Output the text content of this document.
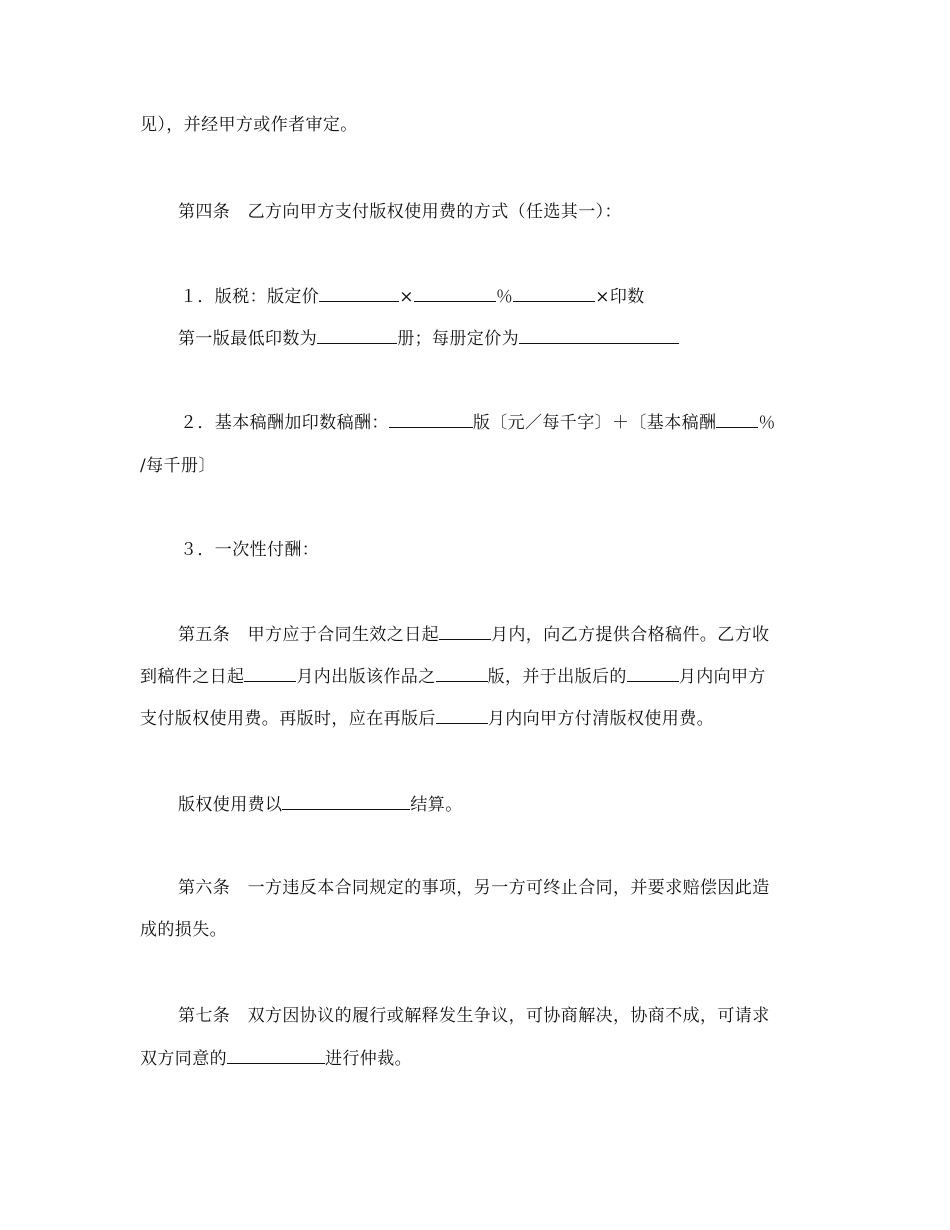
见），并经甲方或作者审定。
第四条　乙方向甲方支付版权使用费的方式（任选其一）：
１．版税：版定价	×	％	×印数
第一版最低印数为	册；每册定价为
２．基本稿酬加印数稿酬：	版〔元／每千字〕＋〔基本稿酬 ％
/每千册〕
３．一次性付酬：
第五条　甲方应于合同生效之日起	月内，向乙方提供合格稿件。乙方收
到稿件之日起	月内出版该作品之	版，并于出版后的	月内向甲方
支付版权使用费。再版时，应在再版后	月内向甲方付清版权使用费。
版权使用费以	结算。
第六条　一方违反本合同规定的事项，另一方可终止合同，并要求赔偿因此造
成的损失。
第七条　双方因协议的履行或解释发生争议，可协商解决，协商不成，可请求
双方同意的	进行仲裁。
